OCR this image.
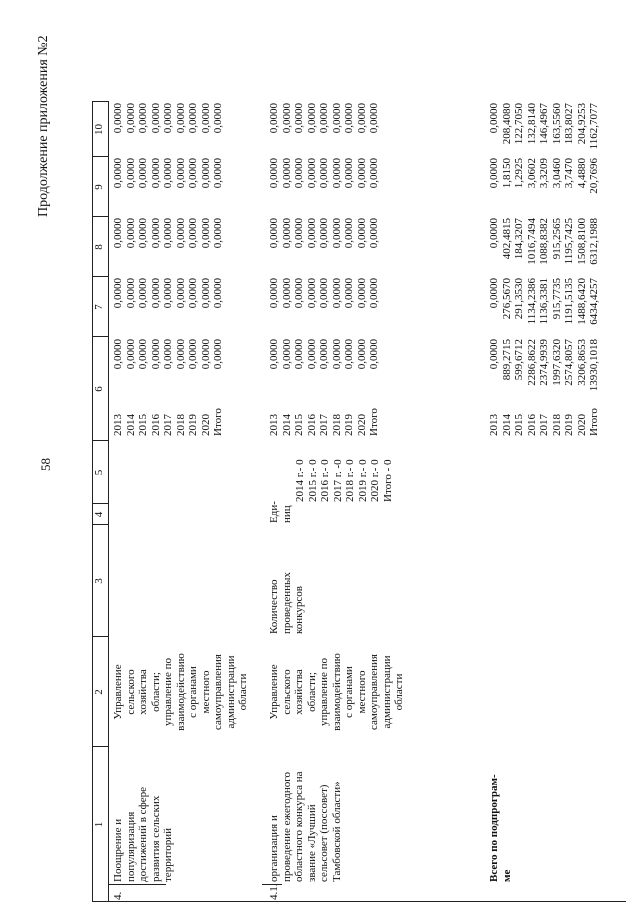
58
Продолжение приложения №2
1
2
3
4
5
6
7
8
9
10
4.
Поощрение и популяризация достижений в сфере развития сельских территорий
Управление сельского хозяйства области; управление по взаимодействию с органами местного самоуправления администрации области
2013 2014 2015 2016 2017 2018 2019 2020 Итого
0,0000 0,0000 0,0000 0,0000 0,0000 0,0000 0,0000 0,0000 0,0000
0,0000 0,0000 0,0000 0,0000 0,0000 0,0000 0,0000 0,0000 0,0000
0,0000 0,0000 0,0000 0,0000 0,0000 0,0000 0,0000 0,0000 0,0000
0,0000 0,0000 0,0000 0,0000 0,0000 0,0000 0,0000 0,0000 0,0000
0,0000 0,0000 0,0000 0,0000 0,0000 0,0000 0,0000 0,0000 0,0000
4.1.
организация и проведение ежегодного областного конкурса на звание «Лучший сельсовет (поссовет) Тамбовской области»
Управление сельского хозяйства области; управление по взаимодействию с органами местного самоуправления администрации области
Количество проведенных конкурсов
Еди- ниц
2014 г.- 0 2015 г.- 0 2016 г.- 0 2017 г. -0 2018 г.- 0 2019 г.- 0 2020 г.- 0 Итого - 0
2013 2014 2015 2016 2017 2018 2019 2020 Итого
0,0000 0,0000 0,0000 0,0000 0,0000 0,0000 0,0000 0,0000 0,0000
0,0000 0,0000 0,0000 0,0000 0,0000 0,0000 0,0000 0,0000 0,0000
0,0000 0,0000 0,0000 0,0000 0,0000 0,0000 0,0000 0,0000 0,0000
0,0000 0,0000 0,0000 0,0000 0,0000 0,0000 0,0000 0,0000 0,0000
0,0000 0,0000 0,0000 0,0000 0,0000 0,0000 0,0000 0,0000 0,0000
Всего по подпрограм- ме
2013 2014 2015 2016 2017 2018 2019 2020 Итого
0,0000 889,2715 599,6712 2286,8622 2374,9939 1997,6320 2574,8057 3206,8653 13930,1018
0,0000 276,5670 291,3530 1134,2386 1136,3381 915,7735 1191,5135 1488,6420 6434,4257
0,0000 402,4815 184,3207 1016,7494 1088,8382 915,2565 1195,7425 1508,8100 6312,1988
0,0000 1,8150 1,2925 3,0602 3,3209 3,0460 3,7470 4,4880 20,7696
0,0000 208,4080 122,7050 132,8140 146,4967 163,5560 183,8027 204,9253 1162,7077
